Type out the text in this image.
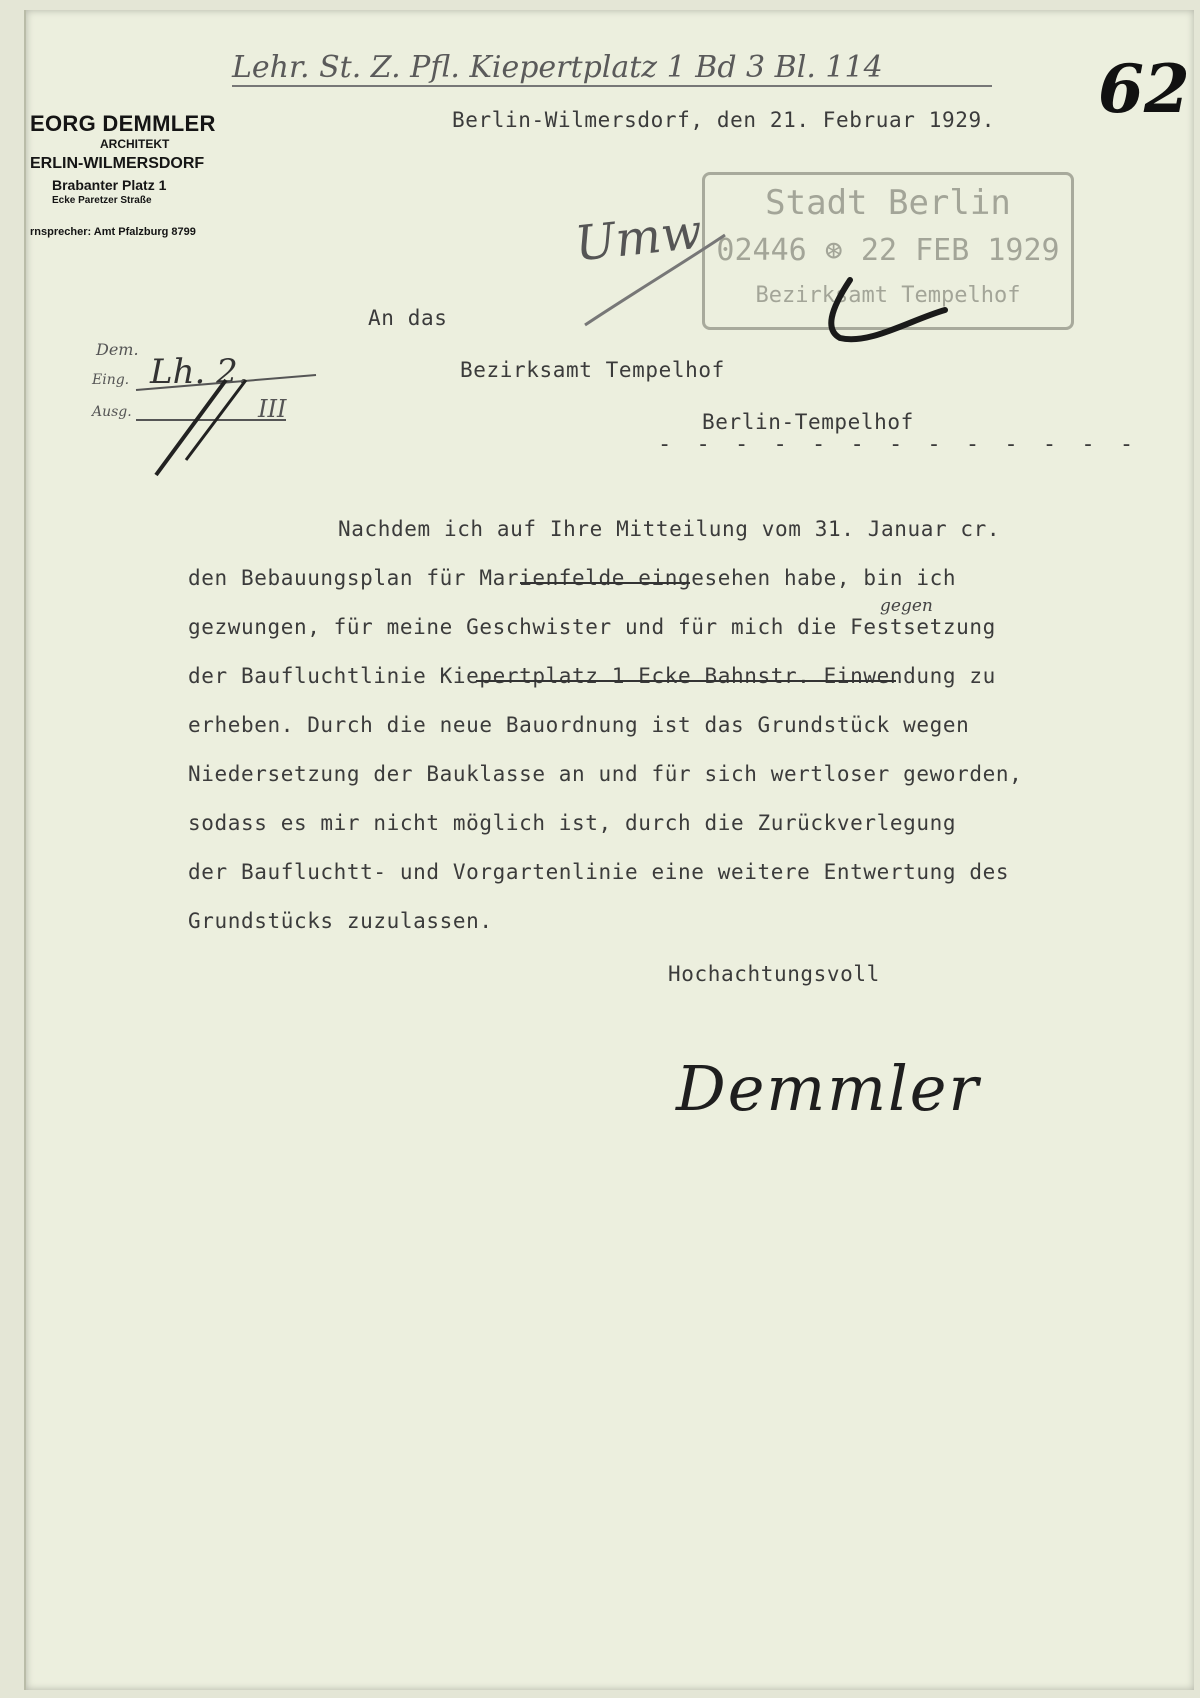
Lehr. St. Z. Pfl. Kiepertplatz 1 Bd 3 Bl. 114	62
EORG DEMMLER
ARCHITEKT
ERLIN-WILMERSDORF
Brabanter Platz 1
Ecke Paretzer Straße
rnsprecher: Amt Pfalzburg 8799
Berlin-Wilmersdorf, den 21. Februar 1929.
Stadt Berlin
02446 ⊛ 22 FEB 1929
Bezirksamt Tempelhof
Umw
Dem.
Eing.
Ausg.
Lh. 2.
III
An das
Bezirksamt Tempelhof
Berlin-Tempelhof
- - - - - - - - - - - - -
Nachdem ich auf Ihre Mitteilung vom 31. Januar cr.
den Bebauungsplan für Marienfelde eingesehen habe, bin ich
gezwungen, für meine Geschwister und für mich die Festsetzung
der Baufluchtlinie Kiepertplatz 1 Ecke Bahnstr. Einwendung zu
erheben. Durch die neue Bauordnung ist das Grundstück wegen
Niedersetzung der Bauklasse an und für sich wertloser geworden,
sodass es mir nicht möglich ist, durch die Zurückverlegung
der Baufluchtt- und Vorgartenlinie eine weitere Entwertung des
Grundstücks zuzulassen.
gegen
Hochachtungsvoll
Demmler
